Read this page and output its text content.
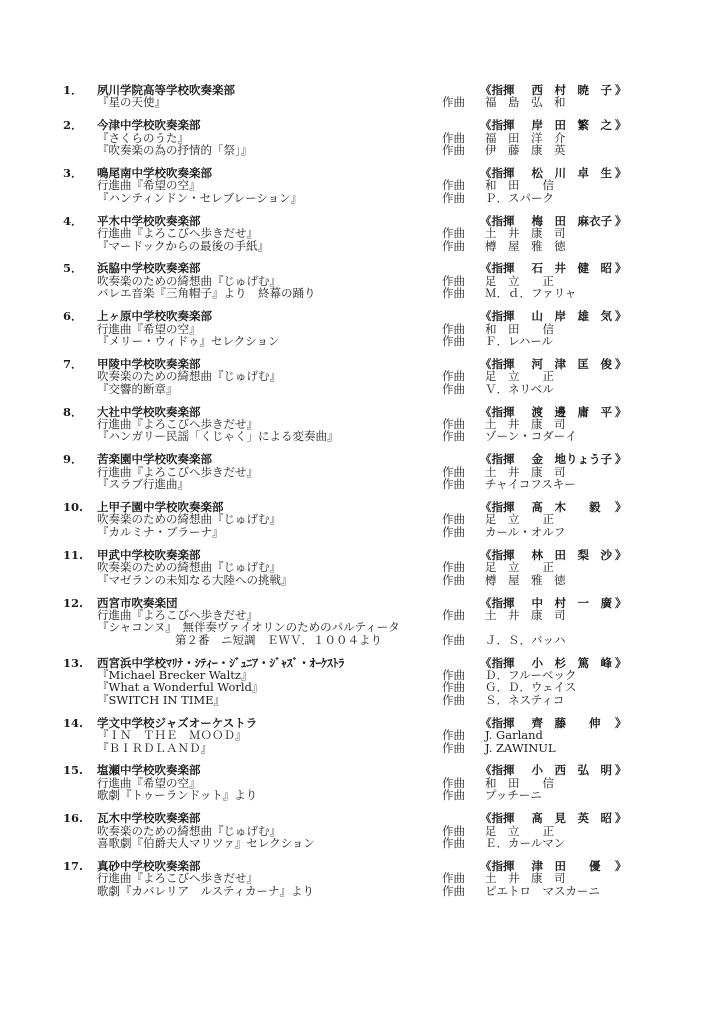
1． 夙川学院高等学校吹奏楽部	《指揮 西　村　暁　子 》
『星の天使』	作曲 福　島　弘　和
2． 今津中学校吹奏楽部	《指揮 岸　田　繁　之 》
『さくらのうた』	作曲 福　田　洋　介
『吹奏楽の為の抒情的「祭」』	作曲 伊　藤　康　英
3． 鳴尾南中学校吹奏楽部	《指揮 松　川　卓　生 》
行進曲『希望の空』	作曲 和　田　　信
『ハンティンドン・セレブレーション』	作曲 Ｐ．スパーク
4． 平木中学校吹奏楽部	《指揮 梅　田　麻衣子 》
行進曲『よろこびへ歩きだせ』	作曲 土　井　康　司
『マードックからの最後の手紙』	作曲 樽　屋　雅　徳
5． 浜脇中学校吹奏楽部	《指揮 石　井　健　昭 》
吹奏楽のための綺想曲『じゅげむ』	作曲 足　立　　正
バレエ音楽『三角帽子』より　終幕の踊り	作曲 Ｍ．ｄ．ファリャ
6． 上ヶ原中学校吹奏楽部	《指揮 山　岸　雄　気 》
行進曲『希望の空』	作曲 和　田　　信
『メリー・ウィドゥ』セレクション	作曲 Ｆ．レハール
7． 甲陵中学校吹奏楽部	《指揮 河　津　匡　俊 》
吹奏楽のための綺想曲『じゅげむ』	作曲 足　立　　正
『交響的断章』	作曲 Ｖ．ネリベル
8． 大社中学校吹奏楽部	《指揮 渡　邊　庸　平 》
行進曲『よろこびへ歩きだせ』	作曲 土　井　康　司
『ハンガリー民謡「くじゃく」による変奏曲』	作曲 ゾーン・コダーイ
9． 苦楽園中学校吹奏楽部	《指揮 金　地りょう子 》
行進曲『よろこびへ歩きだせ』	作曲 土　井　康　司
『スラブ行進曲』	作曲 チャイコフスキー
10. 上甲子園中学校吹奏楽部	《指揮 髙　木　　毅　》
吹奏楽のための綺想曲『じゅげむ』	作曲 足　立　　正
『カルミナ・ブラーナ』	作曲 カール・オルフ
11. 甲武中学校吹奏楽部	《指揮 林　田　梨　沙 》
吹奏楽のための綺想曲『じゅげむ』	作曲 足　立　　正
『マゼランの未知なる大陸への挑戦』	作曲 樽　屋　雅　徳
12. 西宮市吹奏楽団	《指揮 中　村　一　廣 》
行進曲『よろこびへ歩きだせ』	作曲 土　井　康　司
『シャコンヌ』　無伴奏ヴァイオリンのためのパルティータ
第２番　ニ短調　ＥＷＶ．１００４より	作曲 Ｊ．Ｓ．バッハ
13. 西宮浜中学校ﾏﾘﾅ・ｼﾃｨｰ・ｼﾞｭﾆｱ・ｼﾞｬｽﾞ・ｵｰｹｽﾄﾗ	《指揮 小　杉　篤　峰 》
『Michael Brecker Waltz』	作曲 Ｄ．フルーベック
『What a Wonderful World』	作曲 Ｇ．Ｄ．ウェイス
『SWITCH IN TIME』	作曲 Ｓ．ネスティコ
14. 学文中学校ジャズオーケストラ	《指揮 齊　藤　　伸　》
『ＩＮ　ＴＨＥ　ＭＯＯＤ』	作曲 J. Garland
『ＢＩＲＤＬＡＮＤ』	作曲 J. ZAWINUL
15. 塩瀬中学校吹奏楽部	《指揮 小　西　弘　明 》
行進曲『希望の空』	作曲 和　田　　信
歌劇『トゥーランドット』より	作曲 プッチーニ
16. 瓦木中学校吹奏楽部	《指揮 髙　見　英　昭 》
吹奏楽のための綺想曲『じゅげむ』	作曲 足　立　　正
喜歌劇『伯爵夫人マリツァ』セレクション	作曲 Ｅ．カールマン
17. 真砂中学校吹奏楽部	《指揮 津　田　　優　》
行進曲『よろこびへ歩きだせ』	作曲 土　井　康　司
歌劇『カバレリア　ルスティカーナ』より	作曲 ピエトロ　マスカーニ
